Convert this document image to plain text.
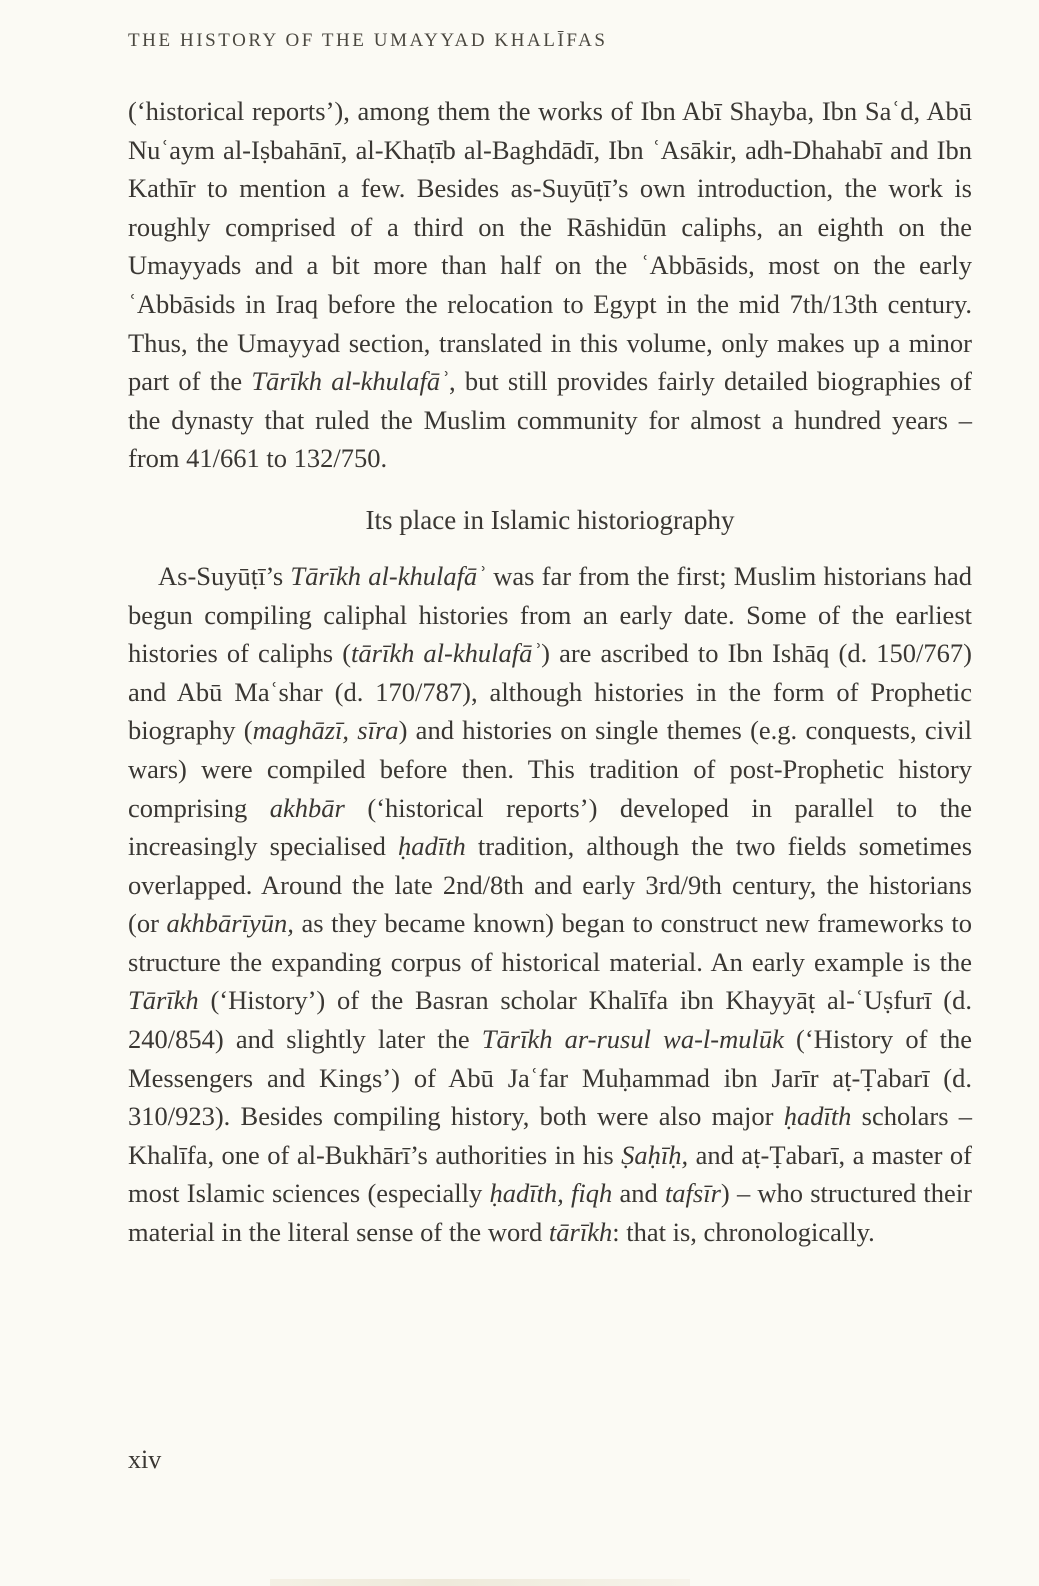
THE HISTORY OF THE UMAYYAD KHALĪFAS

(‘historical reports’), among them the works of Ibn Abī Shayba, Ibn Saʿd, Abū Nuʿaym al-Iṣbahānī, al-Khaṭīb al-Baghdādī, Ibn ʿAsākir, adh-Dhahabī and Ibn Kathīr to mention a few. Besides as-Suyūṭī’s own introduction, the work is roughly comprised of a third on the Rāshidūn caliphs, an eighth on the Umayyads and a bit more than half on the ʿAbbāsids, most on the early ʿAbbāsids in Iraq before the relocation to Egypt in the mid 7th/13th century. Thus, the Umayyad section, translated in this volume, only makes up a minor part of the Tārīkh al-khulafāʾ, but still provides fairly detailed biographies of the dynasty that ruled the Muslim community for almost a hundred years – from 41/661 to 132/750.

Its place in Islamic historiography

As-Suyūṭī’s Tārīkh al-khulafāʾ was far from the first; Muslim historians had begun compiling caliphal histories from an early date. Some of the earliest histories of caliphs (tārīkh al-khulafāʾ) are ascribed to Ibn Ishāq (d. 150/767) and Abū Maʿshar (d. 170/787), although histories in the form of Prophetic biography (maghāzī, sīra) and histories on single themes (e.g. conquests, civil wars) were compiled before then. This tradition of post-Prophetic history comprising akhbār (‘historical reports’) developed in parallel to the increasingly specialised ḥadīth tradition, although the two fields sometimes overlapped. Around the late 2nd/8th and early 3rd/9th century, the historians (or akhbārīyūn, as they became known) began to construct new frameworks to structure the expanding corpus of historical material. An early example is the Tārīkh (‘History’) of the Basran scholar Khalīfa ibn Khayyāṭ al-ʿUṣfurī (d. 240/854) and slightly later the Tārīkh ar-rusul wa-l-mulūk (‘History of the Messengers and Kings’) of Abū Jaʿfar Muḥammad ibn Jarīr aṭ-Ṭabarī (d. 310/923). Besides compiling history, both were also major ḥadīth scholars – Khalīfa, one of al-Bukhārī’s authorities in his Ṣaḥīḥ, and aṭ-Ṭabarī, a master of most Islamic sciences (especially ḥadīth, fiqh and tafsīr) – who structured their material in the literal sense of the word tārīkh: that is, chronologically.

xiv
